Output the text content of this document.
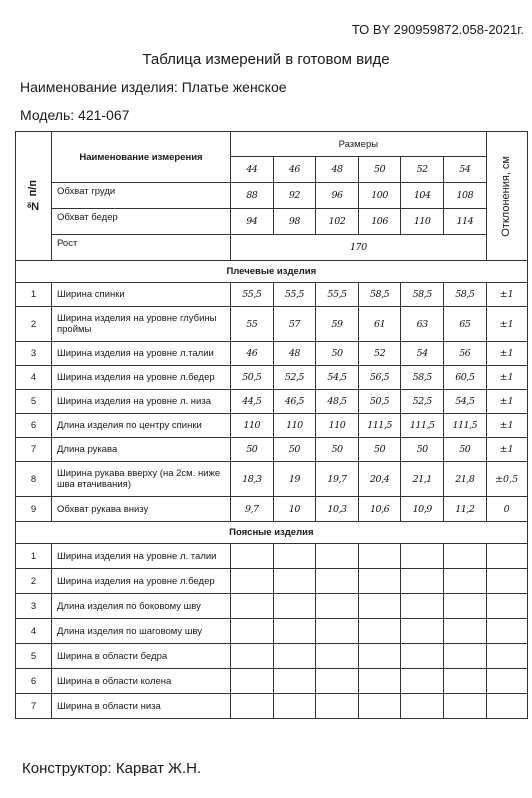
ТО BY 290959872.058-2021г.
Таблица измерений в готовом виде
Наименование изделия: Платье женское
Модель: 421-067
№ п/п	Наименование измерения	Размеры						Отклонения, см

		44	46	48	50	52	54	
	Обхват груди	88	92	96	100	104	108	
	Обхват бедер	94	98	102	106	110	114	
	Рост	170						
Плечевые изделия								
1	Ширина спинки	55,5	55,5	55,5	58,5	58,5	58,5	±1
2	Ширина изделия на уровне глубины проймы	55	57	59	61	63	65	±1
3	Ширина изделия на уровне л.талии	46	48	50	52	54	56	±1
4	Ширина изделия на уровне л.бедер	50,5	52,5	54,5	56,5	58,5	60,5	±1
5	Ширина изделия на уровне л. низа	44,5	46,5	48,5	50,5	52,5	54,5	±1
6	Длина изделия по центру спинки	110	110	110	111,5	111,5	111,5	±1
7	Длина рукава	50	50	50	50	50	50	±1
8	Ширина рукава вверху (на 2см. ниже шва втачивания)	18,3	19	19,7	20,4	21,1	21,8	±0,5
9	Обхват рукава внизу	9,7	10	10,3	10,6	10,9	11,2	0
Поясные изделия								
1	Ширина изделия на уровне л. талии							
2	Ширина изделия на уровне л.бедер							
3	Длина изделия по боковому шву							
4	Длина изделия по шаговому шву							
5	Ширина в области бедра							
6	Ширина в области колена							
7	Ширина в области низа							
Конструктор: Карват Ж.Н.
